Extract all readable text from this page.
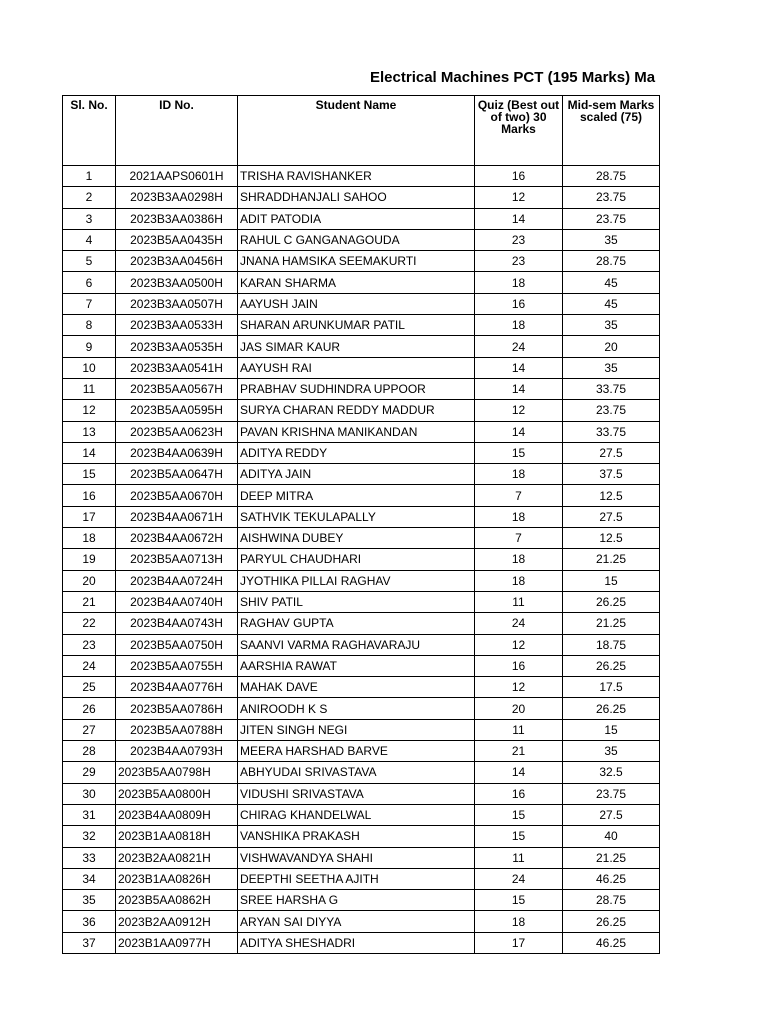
Electrical Machines PCT (195 Marks) Ma
Sl. No.	ID No.	Student Name	Quiz (Best out of two) 30 Marks	Mid-sem Marks scaled (75)
1	2021AAPS0601H	TRISHA RAVISHANKER	16	28.75
2	2023B3AA0298H	SHRADDHANJALI SAHOO	12	23.75
3	2023B3AA0386H	ADIT PATODIA	14	23.75
4	2023B5AA0435H	RAHUL C GANGANAGOUDA	23	35
5	2023B3AA0456H	JNANA HAMSIKA SEEMAKURTI	23	28.75
6	2023B3AA0500H	KARAN SHARMA	18	45
7	2023B3AA0507H	AAYUSH JAIN	16	45
8	2023B3AA0533H	SHARAN ARUNKUMAR PATIL	18	35
9	2023B3AA0535H	JAS SIMAR KAUR	24	20
10	2023B3AA0541H	AAYUSH RAI	14	35
11	2023B5AA0567H	PRABHAV SUDHINDRA UPPOOR	14	33.75
12	2023B5AA0595H	SURYA CHARAN REDDY MADDUR	12	23.75
13	2023B5AA0623H	PAVAN KRISHNA MANIKANDAN	14	33.75
14	2023B4AA0639H	ADITYA REDDY	15	27.5
15	2023B5AA0647H	ADITYA JAIN	18	37.5
16	2023B5AA0670H	DEEP MITRA	7	12.5
17	2023B4AA0671H	SATHVIK TEKULAPALLY	18	27.5
18	2023B4AA0672H	AISHWINA DUBEY	7	12.5
19	2023B5AA0713H	PARYUL CHAUDHARI	18	21.25
20	2023B4AA0724H	JYOTHIKA PILLAI RAGHAV	18	15
21	2023B4AA0740H	SHIV PATIL	11	26.25
22	2023B4AA0743H	RAGHAV GUPTA	24	21.25
23	2023B5AA0750H	SAANVI VARMA RAGHAVARAJU	12	18.75
24	2023B5AA0755H	AARSHIA RAWAT	16	26.25
25	2023B4AA0776H	MAHAK DAVE	12	17.5
26	2023B5AA0786H	ANIROODH K S	20	26.25
27	2023B5AA0788H	JITEN SINGH NEGI	11	15
28	2023B4AA0793H	MEERA HARSHAD BARVE	21	35
29	2023B5AA0798H	ABHYUDAI SRIVASTAVA	14	32.5
30	2023B5AA0800H	VIDUSHI SRIVASTAVA	16	23.75
31	2023B4AA0809H	CHIRAG KHANDELWAL	15	27.5
32	2023B1AA0818H	VANSHIKA PRAKASH	15	40
33	2023B2AA0821H	VISHWAVANDYA SHAHI	11	21.25
34	2023B1AA0826H	DEEPTHI SEETHA AJITH	24	46.25
35	2023B5AA0862H	SREE HARSHA G	15	28.75
36	2023B2AA0912H	ARYAN SAI DIYYA	18	26.25
37	2023B1AA0977H	ADITYA SHESHADRI	17	46.25
